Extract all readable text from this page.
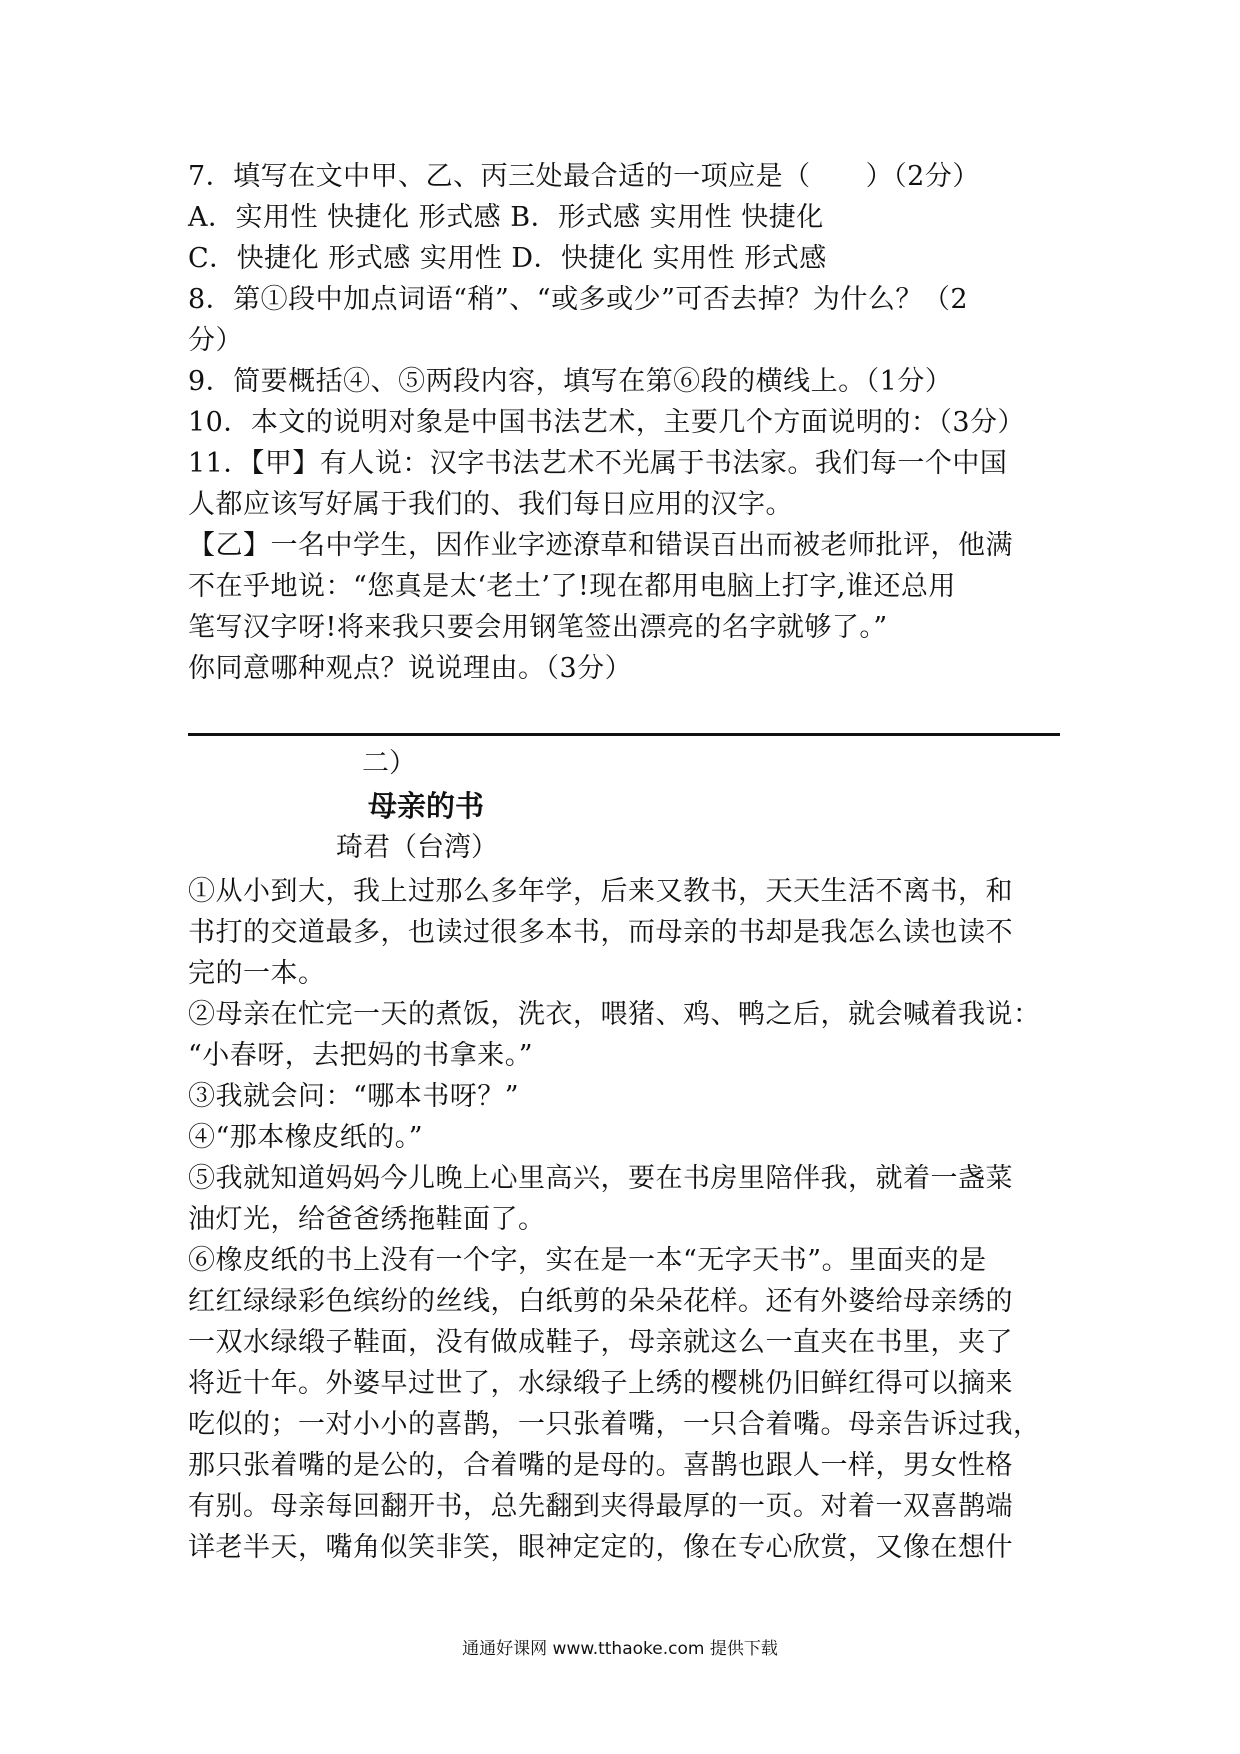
7．填写在文中甲、乙、丙三处最合适的一项应是（　　）（2分）
A．实用性 快捷化 形式感 B．形式感 实用性 快捷化
C．快捷化 形式感 实用性 D．快捷化 实用性 形式感
8．第①段中加点词语“稍”、“或多或少”可否去掉？为什么？（2
分）
9．简要概括④、⑤两段内容，填写在第⑥段的横线上。（1分）
10．本文的说明对象是中国书法艺术，主要几个方面说明的：（3分）
11．【甲】有人说：汉字书法艺术不光属于书法家。我们每一个中国
人都应该写好属于我们的、我们每日应用的汉字。
【乙】一名中学生，因作业字迹潦草和错误百出而被老师批评，他满
不在乎地说：“您真是太‘老土’了!现在都用电脑上打字,谁还总用
笔写汉字呀!将来我只要会用钢笔签出漂亮的名字就够了。”
你同意哪种观点？说说理由。（3分）
二）
母亲的书
琦君（台湾）
①从小到大，我上过那么多年学，后来又教书，天天生活不离书，和
书打的交道最多，也读过很多本书，而母亲的书却是我怎么读也读不
完的一本。
②母亲在忙完一天的煮饭，洗衣，喂猪、鸡、鸭之后，就会喊着我说：
“小春呀，去把妈的书拿来。”
③我就会问：“哪本书呀？”
④“那本橡皮纸的。”
⑤我就知道妈妈今儿晚上心里高兴，要在书房里陪伴我，就着一盏菜
油灯光，给爸爸绣拖鞋面了。
⑥橡皮纸的书上没有一个字，实在是一本“无字天书”。里面夹的是
红红绿绿彩色缤纷的丝线，白纸剪的朵朵花样。还有外婆给母亲绣的
一双水绿缎子鞋面，没有做成鞋子，母亲就这么一直夹在书里，夹了
将近十年。外婆早过世了，水绿缎子上绣的樱桃仍旧鲜红得可以摘来
吃似的；一对小小的喜鹊，一只张着嘴，一只合着嘴。母亲告诉过我，
那只张着嘴的是公的，合着嘴的是母的。喜鹊也跟人一样，男女性格
有别。母亲每回翻开书，总先翻到夹得最厚的一页。对着一双喜鹊端
详老半天，嘴角似笑非笑，眼神定定的，像在专心欣赏，又像在想什
通通好课网 www.tthaoke.com 提供下载
